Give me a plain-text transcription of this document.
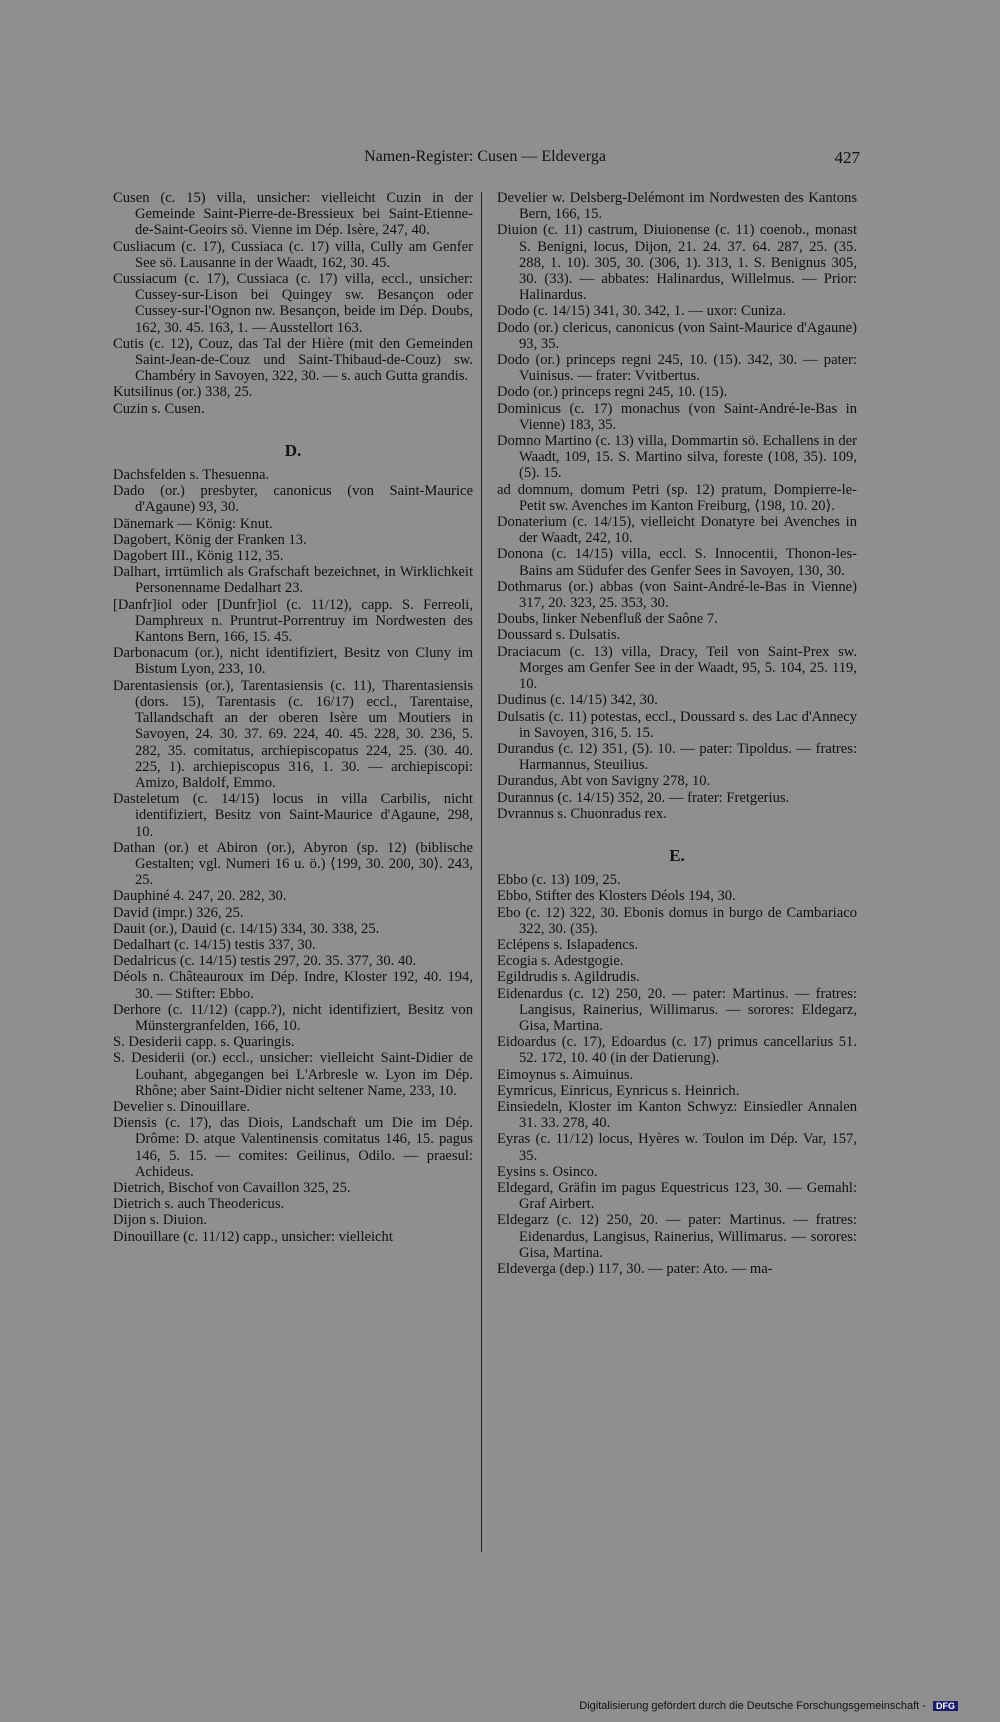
Namen-Register: Cusen — Eldeverga	427
Cusen (c. 15) villa, unsicher: vielleicht Cuzin in der Gemeinde Saint-Pierre-de-Bressieux bei Saint-Etienne-de-Saint-Geoirs sö. Vienne im Dép. Isère, 247, 40.
Cusliacum (c. 17), Cussiaca (c. 17) villa, Cully am Genfer See sö. Lausanne in der Waadt, 162, 30. 45.
Cussiacum (c. 17), Cussiaca (c. 17) villa, eccl., unsicher: Cussey-sur-Lison bei Quingey sw. Besançon oder Cussey-sur-l'Ognon nw. Besançon, beide im Dép. Doubs, 162, 30. 45. 163, 1. — Ausstellort 163.
Cutis (c. 12), Couz, das Tal der Hière (mit den Gemeinden Saint-Jean-de-Couz und Saint-Thibaud-de-Couz) sw. Chambéry in Savoyen, 322, 30. — s. auch Gutta grandis.
Kutsilinus (or.) 338, 25.
Cuzin s. Cusen.
D.
Dachsfelden s. Thesuenna.
Dado (or.) presbyter, canonicus (von Saint-Maurice d'Agaune) 93, 30.
Dänemark — König: Knut.
Dagobert, König der Franken 13.
Dagobert III., König 112, 35.
Dalhart, irrtümlich als Grafschaft bezeichnet, in Wirklichkeit Personenname Dedalhart 23.
[Danfr]iol oder [Dunfr]iol (c. 11/12), capp. S. Ferreoli, Damphreux n. Pruntrut-Porrentruy im Nordwesten des Kantons Bern, 166, 15. 45.
Darbonacum (or.), nicht identifiziert, Besitz von Cluny im Bistum Lyon, 233, 10.
Darentasiensis (or.), Tarentasiensis (c. 11), Tharentasiensis (dors. 15), Tarentasis (c. 16/17) eccl., Tarentaise, Tallandschaft an der oberen Isère um Moutiers in Savoyen, 24. 30. 37. 69. 224, 40. 45. 228, 30. 236, 5. 282, 35. comitatus, archiepiscopatus 224, 25. (30. 40. 225, 1). archiepiscopus 316, 1. 30. — archiepiscopi: Amizo, Baldolf, Emmo.
Dasteletum (c. 14/15) locus in villa Carbilis, nicht identifiziert, Besitz von Saint-Maurice d'Agaune, 298, 10.
Dathan (or.) et Abiron (or.), Abyron (sp. 12) (biblische Gestalten; vgl. Numeri 16 u. ö.) ⟨199, 30. 200, 30⟩. 243, 25.
Dauphiné 4. 247, 20. 282, 30.
David (impr.) 326, 25.
Dauit (or.), Dauid (c. 14/15) 334, 30. 338, 25.
Dedalhart (c. 14/15) testis 337, 30.
Dedalricus (c. 14/15) testis 297, 20. 35. 377, 30. 40.
Déols n. Châteauroux im Dép. Indre, Kloster 192, 40. 194, 30. — Stifter: Ebbo.
Derhore (c. 11/12) (capp.?), nicht identifiziert, Besitz von Münstergranfelden, 166, 10.
S. Desiderii capp. s. Quaringis.
S. Desiderii (or.) eccl., unsicher: vielleicht Saint-Didier de Louhant, abgegangen bei L'Arbresle w. Lyon im Dép. Rhône; aber Saint-Didier nicht seltener Name, 233, 10.
Develier s. Dinouillare.
Diensis (c. 17), das Diois, Landschaft um Die im Dép. Drôme: D. atque Valentinensis comitatus 146, 15. pagus 146, 5. 15. — comites: Geilinus, Odilo. — praesul: Achideus.
Dietrich, Bischof von Cavaillon 325, 25.
Dietrich s. auch Theodericus.
Dijon s. Diuion.
Dinouillare (c. 11/12) capp., unsicher: vielleicht
Develier w. Delsberg-Delémont im Nordwesten des Kantons Bern, 166, 15.
Diuion (c. 11) castrum, Diuionense (c. 11) coenob., monast S. Benigni, locus, Dijon, 21. 24. 37. 64. 287, 25. (35. 288, 1. 10). 305, 30. (306, 1). 313, 1. S. Benignus 305, 30. (33). — abbates: Halinardus, Willelmus. — Prior: Halinardus.
Dodo (c. 14/15) 341, 30. 342, 1. — uxor: Cuniza.
Dodo (or.) clericus, canonicus (von Saint-Maurice d'Agaune) 93, 35.
Dodo (or.) princeps regni 245, 10. (15). 342, 30. — pater: Vuinisus. — frater: Vvitbertus.
Dodo (or.) princeps regni 245, 10. (15).
Dominicus (c. 17) monachus (von Saint-André-le-Bas in Vienne) 183, 35.
Domno Martino (c. 13) villa, Dommartin sö. Echallens in der Waadt, 109, 15. S. Martino silva, foreste (108, 35). 109, (5). 15.
ad domnum, domum Petri (sp. 12) pratum, Dompierre-le-Petit sw. Avenches im Kanton Freiburg, ⟨198, 10. 20⟩.
Donaterium (c. 14/15), vielleicht Donatyre bei Avenches in der Waadt, 242, 10.
Donona (c. 14/15) villa, eccl. S. Innocentii, Thonon-les-Bains am Südufer des Genfer Sees in Savoyen, 130, 30.
Dothmarus (or.) abbas (von Saint-André-le-Bas in Vienne) 317, 20. 323, 25. 353, 30.
Doubs, linker Nebenfluß der Saône 7.
Doussard s. Dulsatis.
Draciacum (c. 13) villa, Dracy, Teil von Saint-Prex sw. Morges am Genfer See in der Waadt, 95, 5. 104, 25. 119, 10.
Dudinus (c. 14/15) 342, 30.
Dulsatis (c. 11) potestas, eccl., Doussard s. des Lac d'Annecy in Savoyen, 316, 5. 15.
Durandus (c. 12) 351, (5). 10. — pater: Tipoldus. — fratres: Harmannus, Steuilius.
Durandus, Abt von Savigny 278, 10.
Durannus (c. 14/15) 352, 20. — frater: Fretgerius.
Dvrannus s. Chuonradus rex.
E.
Ebbo (c. 13) 109, 25.
Ebbo, Stifter des Klosters Déols 194, 30.
Ebo (c. 12) 322, 30. Ebonis domus in burgo de Cambariaco 322, 30. (35).
Eclépens s. Islapadencs.
Ecogia s. Adestgogie.
Egildrudis s. Agildrudis.
Eidenardus (c. 12) 250, 20. — pater: Martinus. — fratres: Langisus, Rainerius, Willimarus. — sorores: Eldegarz, Gisa, Martina.
Eidoardus (c. 17), Edoardus (c. 17) primus cancellarius 51. 52. 172, 10. 40 (in der Datierung).
Eimoynus s. Aimuinus.
Eymricus, Einricus, Eynricus s. Heinrich.
Einsiedeln, Kloster im Kanton Schwyz: Einsiedler Annalen 31. 33. 278, 40.
Eyras (c. 11/12) locus, Hyères w. Toulon im Dép. Var, 157, 35.
Eysins s. Osinco.
Eldegard, Gräfin im pagus Equestricus 123, 30. — Gemahl: Graf Airbert.
Eldegarz (c. 12) 250, 20. — pater: Martinus. — fratres: Eidenardus, Langisus, Rainerius, Willimarus. — sorores: Gisa, Martina.
Eldeverga (dep.) 117, 30. — pater: Ato. — ma-
Digitalisierung gefördert durch die Deutsche Forschungsgemeinschaft - DFG
